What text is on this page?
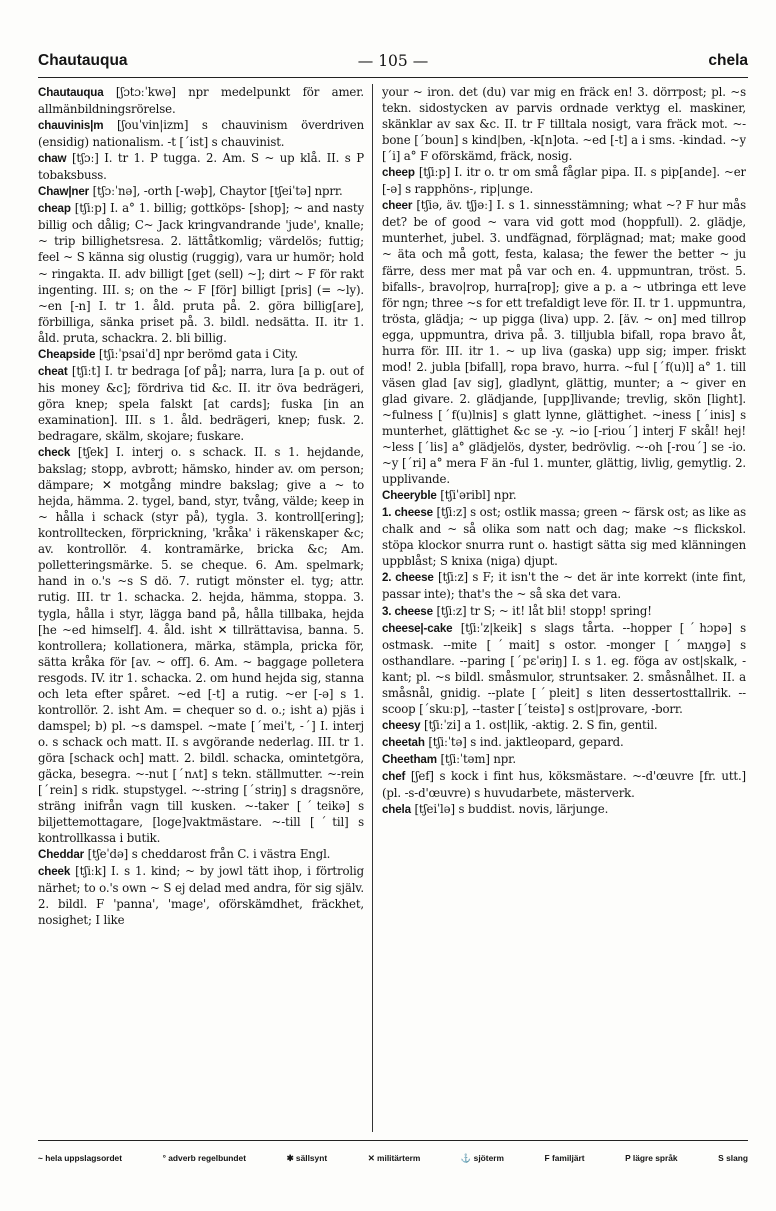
Chautauqua	— 105 —	chela

Chautauqua [ʃɔtɔːˈkwə] npr medelpunkt för amer. allmänbildningsrörelse.

chauvinis|m [ʃouˈvin|izm] s chauvinism överdriven (ensidig) nationalism. -t [ˊist] s chauvinist.

chaw [tʃɔː] I. tr 1. P tugga. 2. Am. S ~ up klå. II. s P tobaksbuss.

Chaw|ner [tʃɔːˈnə], -orth [-wəþ], Chaytor [tʃeiˈtə] nprr.

cheap [tʃiːp] I. a° 1. billig; gottköps- [shop]; ~ and nasty billig och dålig; C~ Jack kringvandrande 'jude', knalle; ~ trip billighetsresa. 2. lättåtkomlig; värdelös; futtig; feel ~ S känna sig olustig (ruggig), vara ur humör; hold ~ ringakta. II. adv billigt [get (sell) ~]; dirt ~ F för rakt ingenting. III. s; on the ~ F [för] billigt [pris] (= ~ly). ~en [-n] I. tr 1. åld. pruta på. 2. göra billig[are], förbilliga, sänka priset på. 3. bildl. nedsätta. II. itr 1. åld. pruta, schackra. 2. bli billig.

Cheapside [tʃiːˈpsaiˈd] npr berömd gata i City.

cheat [tʃiːt] I. tr bedraga [of på]; narra, lura [a p. out of his money &c]; fördriva tid &c. II. itr öva bedrägeri, göra knep; spela falskt [at cards]; fuska [in an examination]. III. s 1. åld. bedrägeri, knep; fusk. 2. bedragare, skälm, skojare; fuskare.

check [tʃek] I. interj o. s schack. II. s 1. hejdande, bakslag; stopp, avbrott; hämsko, hinder av. om person; dämpare; ✕ motgång mindre bakslag; give a ~ to hejda, hämma. 2. tygel, band, styr, tvång, välde; keep in ~ hålla i schack (styr på), tygla. 3. kontroll[ering]; kontrolltecken, förprickning, 'kråka' i räkenskaper &c; av. kontrollör. 4. kontramärke, bricka &c; Am. polletteringsmärke. 5. se cheque. 6. Am. spelmark; hand in o.'s ~s S dö. 7. rutigt mönster el. tyg; attr. rutig. III. tr 1. schacka. 2. hejda, hämma, stoppa. 3. tygla, hålla i styr, lägga band på, hålla tillbaka, hejda [he ~ed himself]. 4. åld. isht ✕ tillrättavisa, banna. 5. kontrollera; kollationera, märka, stämpla, pricka för, sätta kråka för [av. ~ off]. 6. Am. ~ baggage polletera resgods. IV. itr 1. schacka. 2. om hund hejda sig, stanna och leta efter spåret. ~ed [-t] a rutig. ~er [-ə] s 1. kontrollör. 2. isht Am. = chequer so d. o.; isht a) pjäs i damspel; b) pl. ~s damspel. ~mate [ˊmeiˈt, -ˊ] I. interj o. s schack och matt. II. s avgörande nederlag. III. tr 1. göra [schack och] matt. 2. bildl. schacka, omintetgöra, gäcka, besegra. ~-nut [ˊnʌt] s tekn. ställmutter. ~-rein [ˊrein] s ridk. stupstygel. ~-string [ˊstriŋ] s dragsnöre, sträng inifrån vagn till kusken. ~-taker [ˊteikə] s biljettemottagare, [loge]vaktmästare. ~-till [ˊtil] s kontrollkassa i butik.

Cheddar [tʃeˈdə] s cheddarost från C. i västra Engl.

cheek [tʃiːk] I. s 1. kind; ~ by jowl tätt ihop, i förtrolig närhet; to o.'s own ~ S ej delad med andra, för sig själv. 2. bildl. F 'panna', 'mage', oförskämdhet, fräckhet, nosighet; I like

your ~ iron. det (du) var mig en fräck en! 3. dörrpost; pl. ~s tekn. sidostycken av parvis ordnade verktyg el. maskiner, skänklar av sax &c. II. tr F tilltala nosigt, vara fräck mot. ~-bone [ˊboun] s kind|ben, -k[n]ota. ~ed [-t] a i sms. -kindad. ~y [ˊi] a° F oförskämd, fräck, nosig.

cheep [tʃiːp] I. itr o. tr om små fåglar pipa. II. s pip[ande]. ~er [-ə] s rapphöns-, rip|unge.

cheer [tʃiə, äv. tʃjəː] I. s 1. sinnesstämning; what ~? F hur mås det? be of good ~ vara vid gott mod (hoppfull). 2. glädje, munterhet, jubel. 3. undfägnad, förplägnad; mat; make good ~ äta och må gott, festa, kalasa; the fewer the better ~ ju färre, dess mer mat på var och en. 4. uppmuntran, tröst. 5. bifalls-, bravo|rop, hurra[rop]; give a p. a ~ utbringa ett leve för ngn; three ~s for ett trefaldigt leve för. II. tr 1. uppmuntra, trösta, glädja; ~ up pigga (liva) upp. 2. [äv. ~ on] med tillrop egga, uppmuntra, driva på. 3. tilljubla bifall, ropa bravo åt, hurra för. III. itr 1. ~ up liva (gaska) upp sig; imper. friskt mod! 2. jubla [bifall], ropa bravo, hurra. ~ful [ˊf(u)l] a° 1. till väsen glad [av sig], gladlynt, glättig, munter; a ~ giver en glad givare. 2. glädjande, [upp]livande; trevlig, skön [light]. ~fulness [ˊf(u)lnis] s glatt lynne, glättighet. ~iness [ˊinis] s munterhet, glättighet &c se -y. ~io [-riouˊ] interj F skål! hej! ~less [ˊlis] a° glädjelös, dyster, bedrövlig. ~-oh [-rouˊ] se -io. ~y [ˊri] a° mera F än -ful 1. munter, glättig, livlig, gemytlig. 2. upplivande.

Cheeryble [tʃiˈəribl] npr.

1. cheese [tʃiːz] s ost; ostlik massa; green ~ färsk ost; as like as chalk and ~ så olika som natt och dag; make ~s flickskol. stöpa klockor snurra runt o. hastigt sätta sig med klänningen uppblåst; S knixa (niga) djupt.

2. cheese [tʃiːz] s F; it isn't the ~ det är inte korrekt (inte fint, passar inte); that's the ~ så ska det vara.

3. cheese [tʃiːz] tr S; ~ it! låt bli! stopp! spring!

cheese|-cake [tʃiːˈz|keik] s slags tårta. --hopper [ˊhɔpə] s ostmask. --mite [ˊmait] s ostor. -monger [ˊmʌŋgə] s osthandlare. --paring [ˊpɛˈəriŋ] I. s 1. eg. föga av ost|skalk, -kant; pl. ~s bildl. småsmulor, struntsaker. 2. småsnålhet. II. a småsnål, gnidig. --plate [ˊpleit] s liten dessertosttallrik. --scoop [ˊskuːp], --taster [ˊteistə] s ost|provare, -borr.

cheesy [tʃiːˈzi] a 1. ost|lik, -aktig. 2. S fin, gentil.

cheetah [tʃiːˈtə] s ind. jaktleopard, gepard.

Cheetham [tʃiːˈtəm] npr.

chef [ʃef] s kock i fint hus, köksmästare. ~-d'œuvre [fr. utt.] (pl. -s-d'œuvre) s huvudarbete, mästerverk.

chela [tʃeiˈlə] s buddist. novis, lärjunge.

~ hela uppslagsordet	° adverb regelbundet	✱ sällsynt	✕ militärterm	⚓ sjöterm	F familjärt	P lägre språk	S slang
